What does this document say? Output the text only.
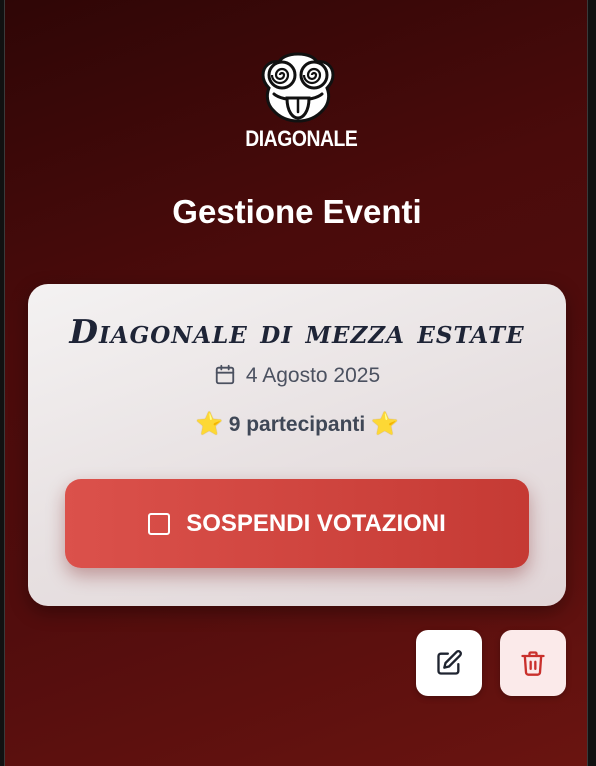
DIAGONALE
Gestione Eventi
Diagonale di mezza estate
4 Agosto 2025
⭐ 9 partecipanti ⭐
SOSPENDI VOTAZIONI
